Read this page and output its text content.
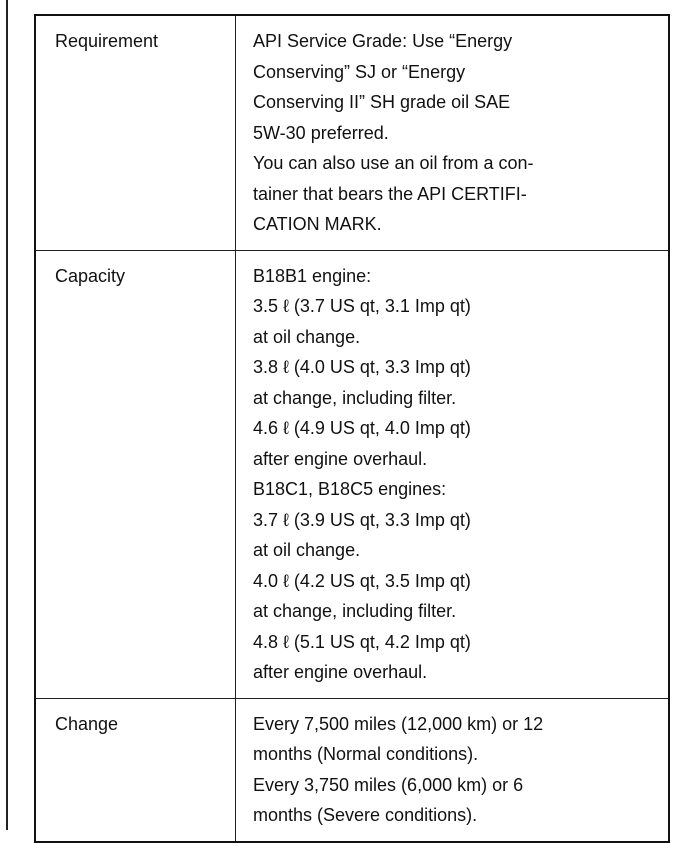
Requirement	API Service Grade: Use “Energy
Conserving” SJ or “Energy
Conserving II” SH grade oil SAE
5W-30 preferred.
You can also use an oil from a con-
tainer that bears the API CERTIFI-
CATION MARK.
Capacity	B18B1 engine:
3.5 ℓ (3.7 US qt, 3.1 Imp qt)
at oil change.
3.8 ℓ (4.0 US qt, 3.3 Imp qt)
at change, including filter.
4.6 ℓ (4.9 US qt, 4.0 Imp qt)
after engine overhaul.
B18C1, B18C5 engines:
3.7 ℓ (3.9 US qt, 3.3 Imp qt)
at oil change.
4.0 ℓ (4.2 US qt, 3.5 Imp qt)
at change, including filter.
4.8 ℓ (5.1 US qt, 4.2 Imp qt)
after engine overhaul.
Change	Every 7,500 miles (12,000 km) or 12
months (Normal conditions).
Every 3,750 miles (6,000 km) or 6
months (Severe conditions).
